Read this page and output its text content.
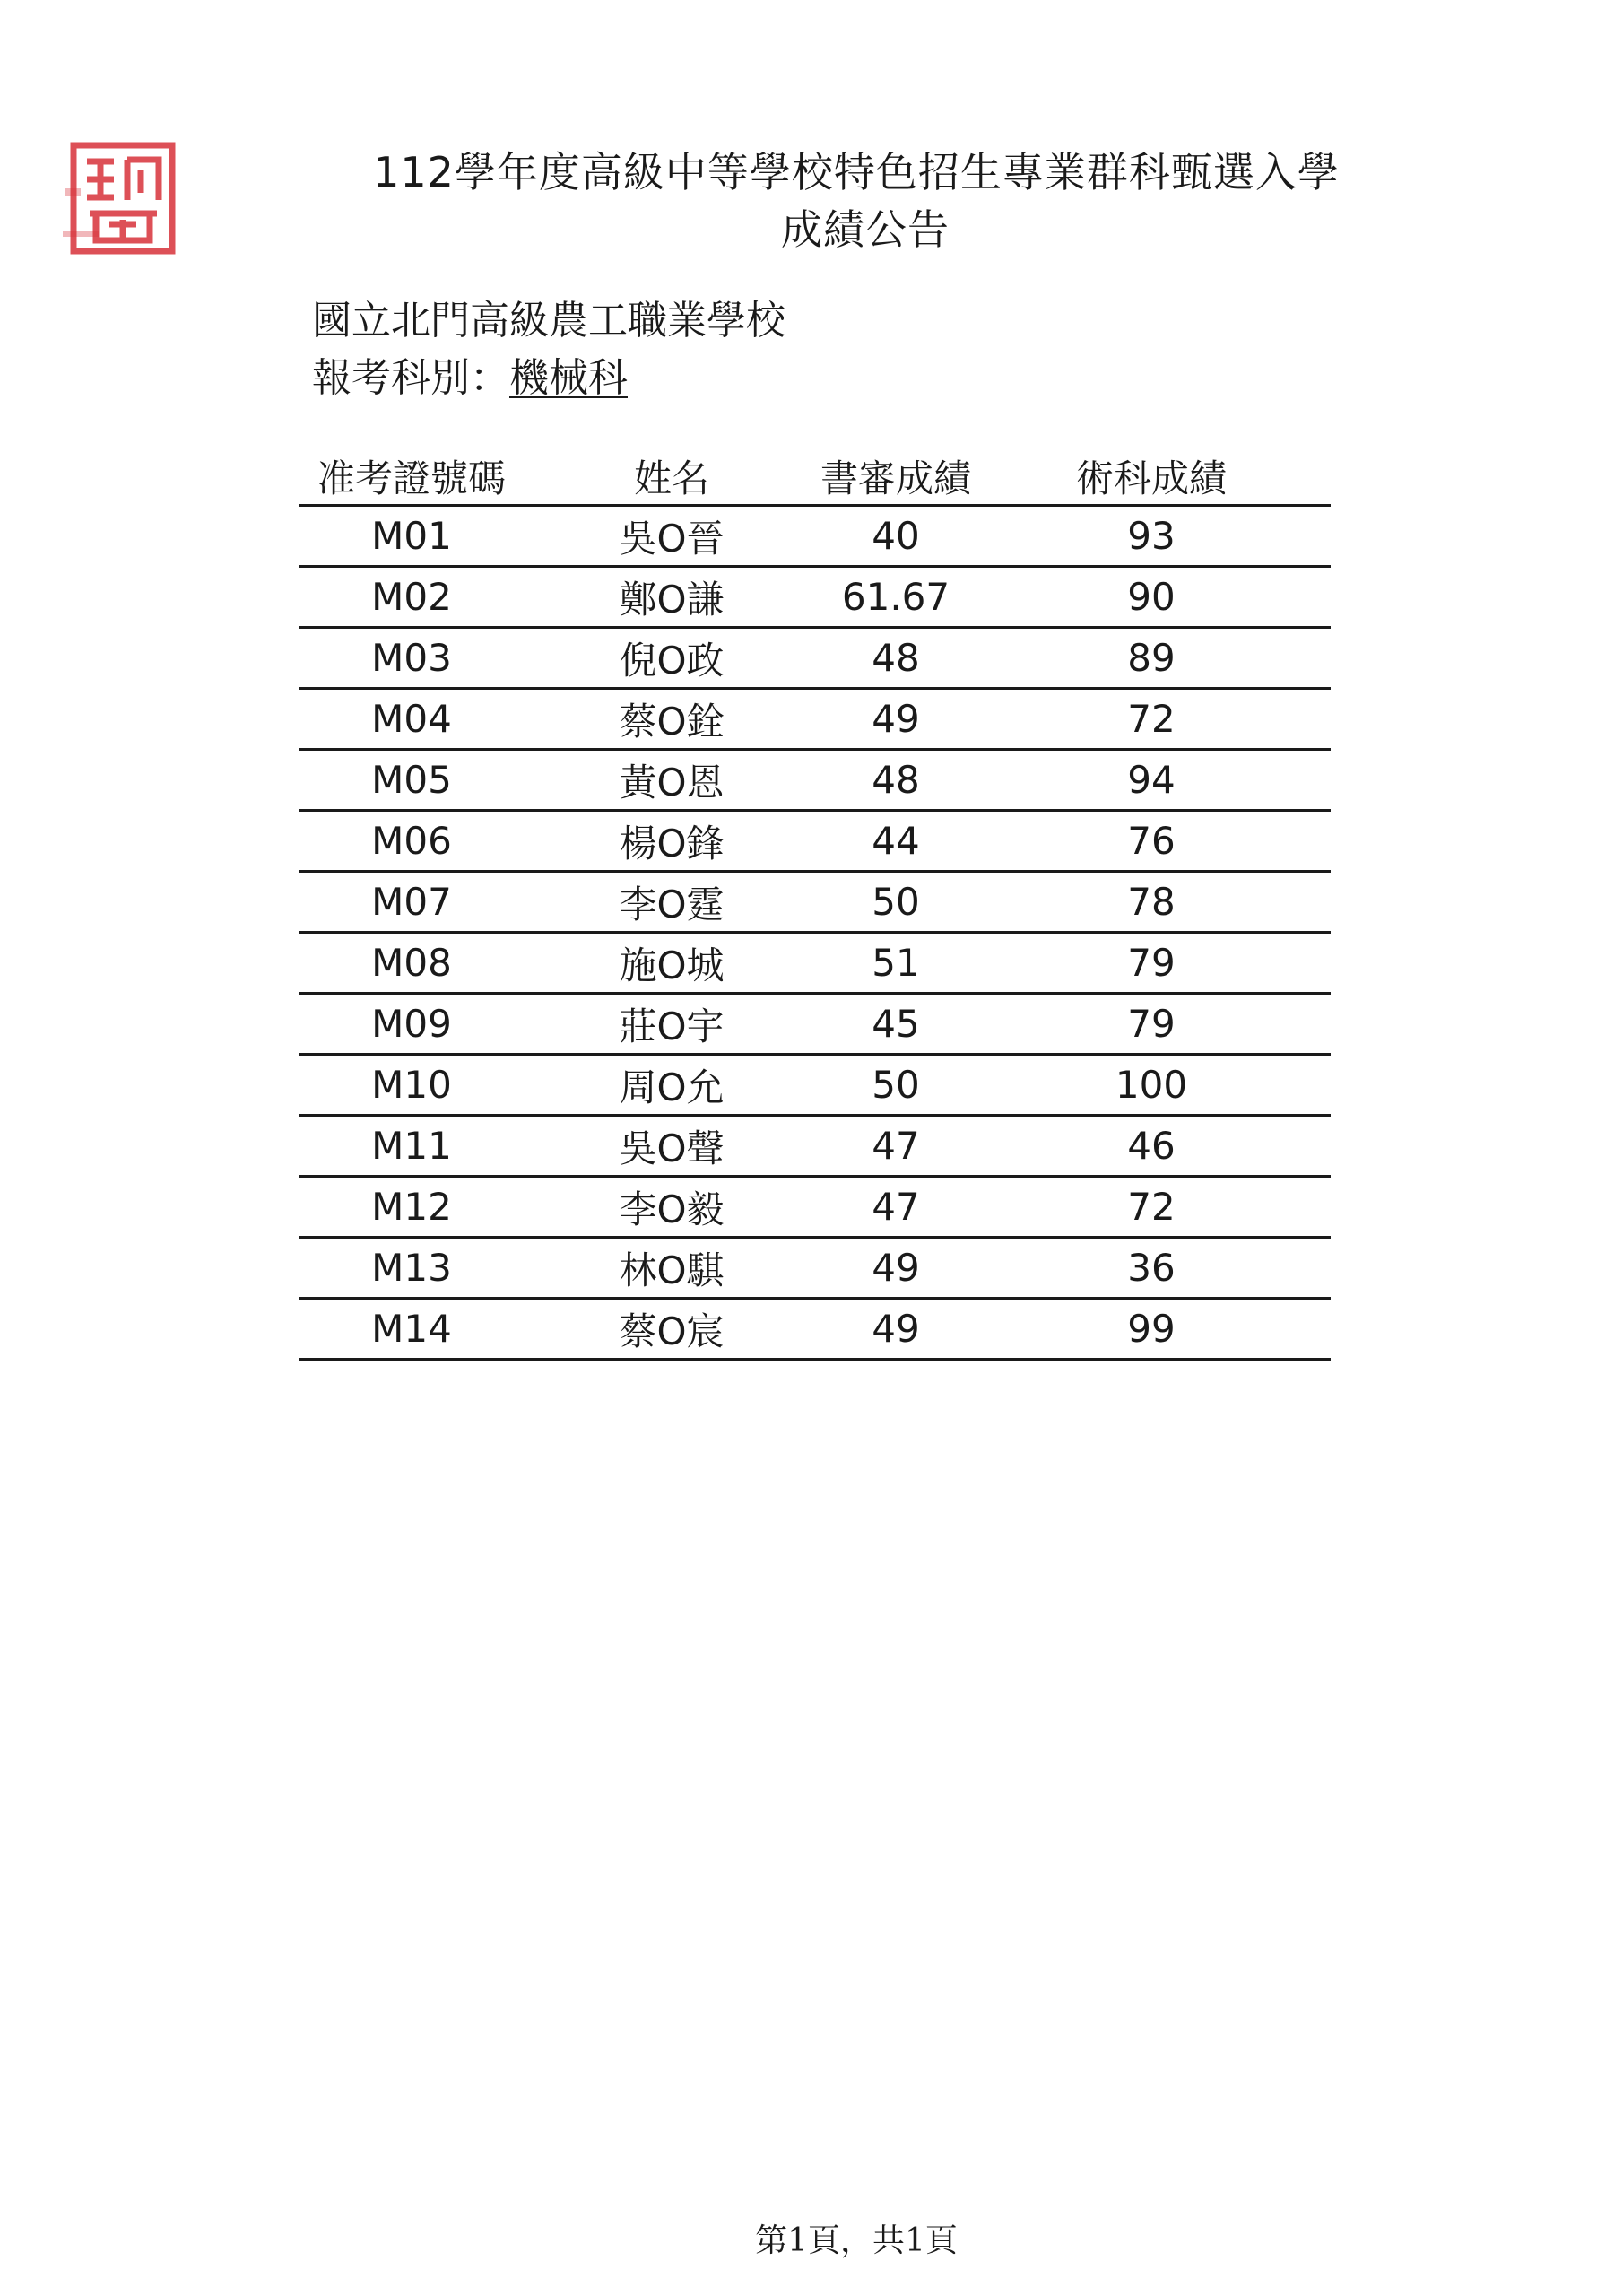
112學年度高級中等學校特色招生專業群科甄選入學
成績公告
國立北門高級農工職業學校
報考科別：機械科
准考證號碼	姓名	書審成績	術科成績
M01	吳O晉	40	93
M02	鄭O謙	61.67	90
M03	倪O政	48	89
M04	蔡O銓	49	72
M05	黃O恩	48	94
M06	楊O鋒	44	76
M07	李O霆	50	78
M08	施O城	51	79
M09	莊O宇	45	79
M10	周O允	50	100
M11	吳O聲	47	46
M12	李O毅	47	72
M13	林O騏	49	36
M14	蔡O宸	49	99
第1頁，共1頁
